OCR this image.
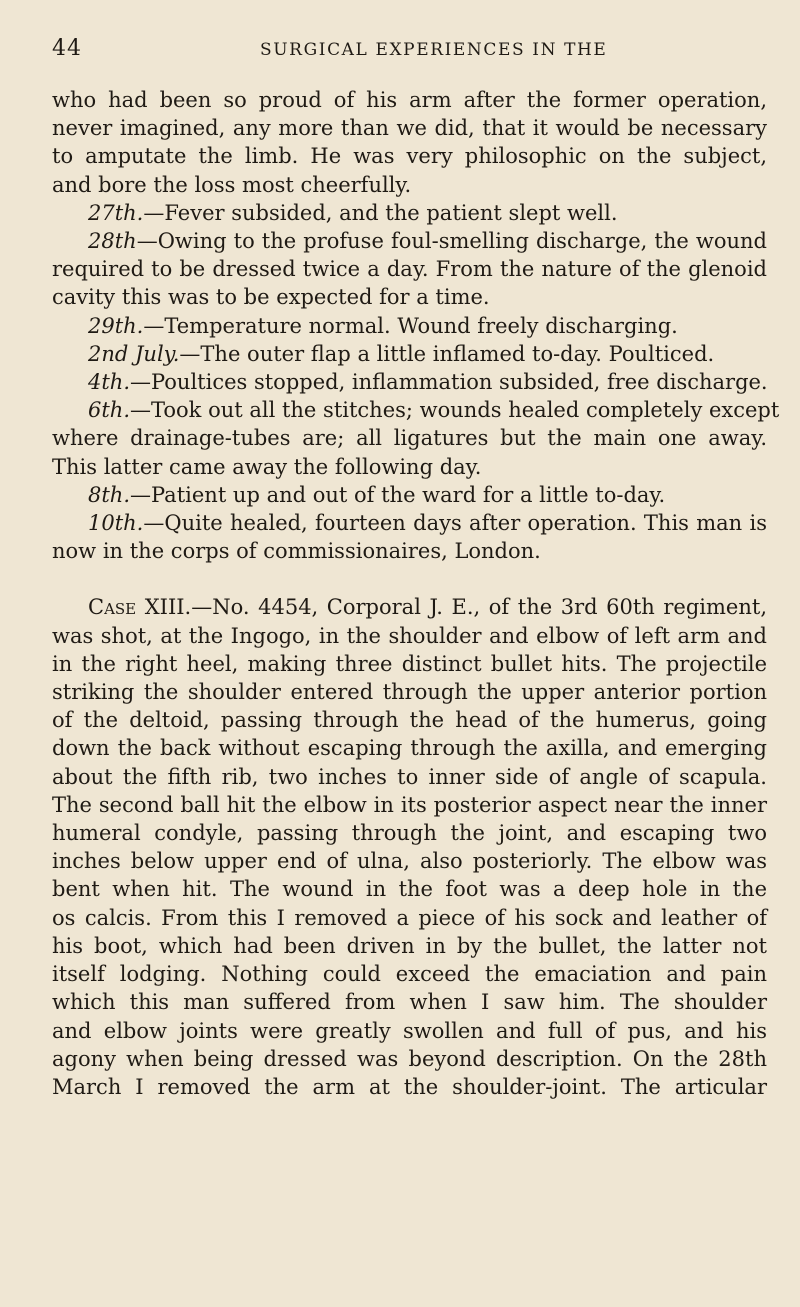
44	SURGICAL EXPERIENCES IN THE
who had been so proud of his arm after the former operation,
never imagined, any more than we did, that it would be necessary
to amputate the limb. He was very philosophic on the subject,
and bore the loss most cheerfully.
27th.—Fever subsided, and the patient slept well.
28th—Owing to the profuse foul-smelling discharge, the wound
required to be dressed twice a day. From the nature of the glenoid
cavity this was to be expected for a time.
29th.—Temperature normal. Wound freely discharging.
2nd July.—The outer flap a little inflamed to-day. Poulticed.
4th.—Poultices stopped, inflammation subsided, free discharge.
6th.—Took out all the stitches; wounds healed completely except
where drainage-tubes are; all ligatures but the main one away.
This latter came away the following day.
8th.—Patient up and out of the ward for a little to-day.
10th.—Quite healed, fourteen days after operation. This man is
now in the corps of commissionaires, London.
Case XIII.—No. 4454, Corporal J. E., of the 3rd 60th regiment,
was shot, at the Ingogo, in the shoulder and elbow of left arm and
in the right heel, making three distinct bullet hits. The projectile
striking the shoulder entered through the upper anterior portion
of the deltoid, passing through the head of the humerus, going
down the back without escaping through the axilla, and emerging
about the fifth rib, two inches to inner side of angle of scapula.
The second ball hit the elbow in its posterior aspect near the inner
humeral condyle, passing through the joint, and escaping two
inches below upper end of ulna, also posteriorly. The elbow was
bent when hit. The wound in the foot was a deep hole in the
os calcis. From this I removed a piece of his sock and leather of
his boot, which had been driven in by the bullet, the latter not
itself lodging. Nothing could exceed the emaciation and pain
which this man suffered from when I saw him. The shoulder
and elbow joints were greatly swollen and full of pus, and his
agony when being dressed was beyond description. On the 28th
March I removed the arm at the shoulder-joint. The articular
